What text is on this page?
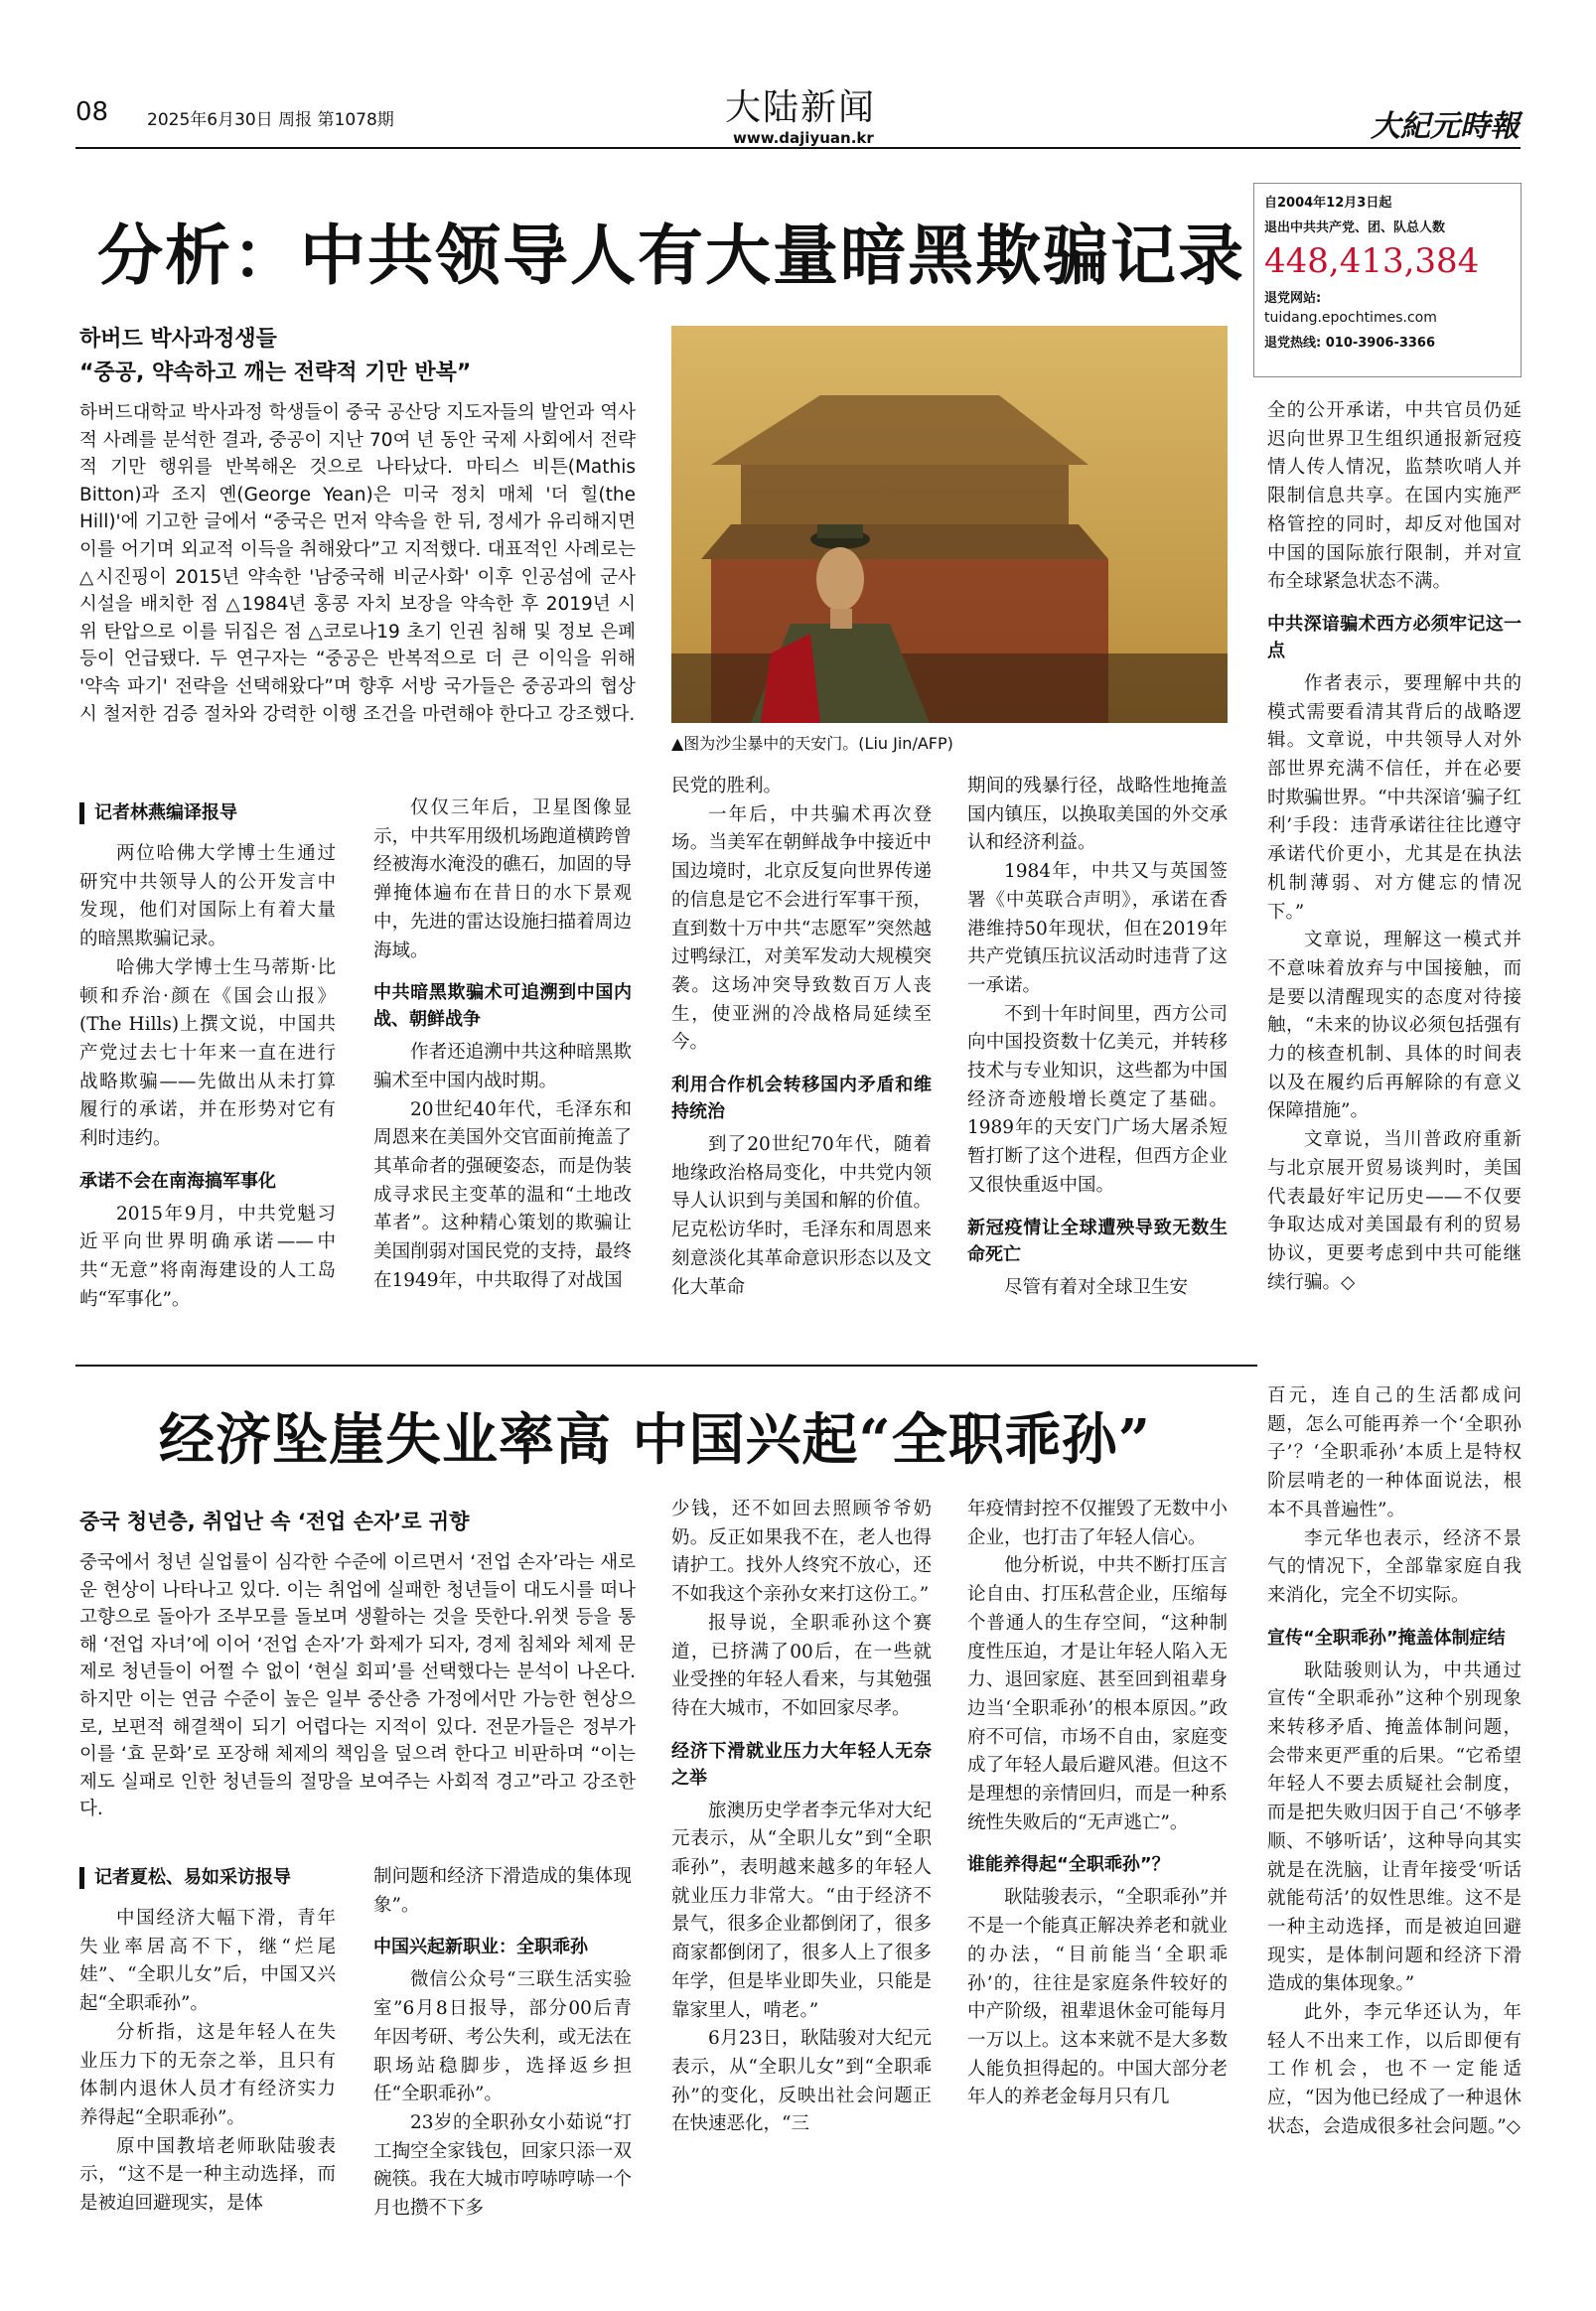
08 2025年6月30日 周报 第1078期	大陆新闻
www.dajiyuan.kr	大紀元時報
分析：中共领导人有大量暗黑欺骗记录
自2004年12月3日起
退出中共共产党、团、队总人数
448,413,384
退党网站:
tuidang.epochtimes.com
退党热线: 010-3906-3366
하버드 박사과정생들
“중공, 약속하고 깨는 전략적 기만 반복”
하버드대학교 박사과정 학생들이 중국 공산당 지도자들의 발언과 역사적 사례를 분석한 결과, 중공이 지난 70여 년 동안 국제 사회에서 전략적 기만 행위를 반복해온 것으로 나타났다. 마티스 비튼(Mathis Bitton)과 조지 옌(George Yean)은 미국 정치 매체 '더 힐(the Hill)'에 기고한 글에서 “중국은 먼저 약속을 한 뒤, 정세가 유리해지면 이를 어기며 외교적 이득을 취해왔다”고 지적했다. 대표적인 사례로는 △시진핑이 2015년 약속한 '남중국해 비군사화' 이후 인공섬에 군사 시설을 배치한 점 △1984년 홍콩 자치 보장을 약속한 후 2019년 시위 탄압으로 이를 뒤집은 점 △코로나19 초기 인권 침해 및 정보 은폐 등이 언급됐다. 두 연구자는 “중공은 반복적으로 더 큰 이익을 위해 '약속 파기' 전략을 선택해왔다”며 향후 서방 국가들은 중공과의 협상 시 철저한 검증 절차와 강력한 이행 조건을 마련해야 한다고 강조했다.
▲图为沙尘暴中的天安门。(Liu Jin/AFP)
记者林燕编译报导

两位哈佛大学博士生通过研究中共领导人的公开发言中发现，他们对国际上有着大量的暗黑欺骗记录。

哈佛大学博士生马蒂斯·比顿和乔治·颜在《国会山报》(The Hills)上撰文说，中国共产党过去七十年来一直在进行战略欺骗——先做出从未打算履行的承诺，并在形势对它有利时违约。

承诺不会在南海搞军事化

2015年9月，中共党魁习近平向世界明确承诺——中共“无意”将南海建设的人工岛屿“军事化”。

仅仅三年后，卫星图像显示，中共军用级机场跑道横跨曾经被海水淹没的礁石，加固的导弹掩体遍布在昔日的水下景观中，先进的雷达设施扫描着周边海域。

中共暗黑欺骗术可追溯到中国内战、朝鲜战争

作者还追溯中共这种暗黑欺骗术至中国内战时期。

20世纪40年代，毛泽东和周恩来在美国外交官面前掩盖了其革命者的强硬姿态，而是伪装成寻求民主变革的温和“土地改革者”。这种精心策划的欺骗让美国削弱对国民党的支持，最终在1949年，中共取得了对战国

民党的胜利。

一年后，中共骗术再次登场。当美军在朝鲜战争中接近中国边境时，北京反复向世界传递的信息是它不会进行军事干预，直到数十万中共“志愿军”突然越过鸭绿江，对美军发动大规模突袭。这场冲突导致数百万人丧生，使亚洲的冷战格局延续至今。

利用合作机会转移国内矛盾和维持统治

到了20世纪70年代，随着地缘政治格局变化，中共党内领导人认识到与美国和解的价值。尼克松访华时，毛泽东和周恩来刻意淡化其革命意识形态以及文化大革命

期间的残暴行径，战略性地掩盖国内镇压，以换取美国的外交承认和经济利益。

1984年，中共又与英国签署《中英联合声明》，承诺在香港维持50年现状，但在2019年共产党镇压抗议活动时违背了这一承诺。

不到十年时间里，西方公司向中国投资数十亿美元，并转移技术与专业知识，这些都为中国经济奇迹般增长奠定了基础。1989年的天安门广场大屠杀短暂打断了这个进程，但西方企业又很快重返中国。

新冠疫情让全球遭殃导致无数生命死亡

尽管有着对全球卫生安

全的公开承诺，中共官员仍延迟向世界卫生组织通报新冠疫情人传人情况，监禁吹哨人并限制信息共享。在国内实施严格管控的同时，却反对他国对中国的国际旅行限制，并对宣布全球紧急状态不满。

中共深谙骗术西方必须牢记这一点

作者表示，要理解中共的模式需要看清其背后的战略逻辑。文章说，中共领导人对外部世界充满不信任，并在必要时欺骗世界。“中共深谙‘骗子红利’手段：违背承诺往往比遵守承诺代价更小，尤其是在执法机制薄弱、对方健忘的情况下。”

文章说，理解这一模式并不意味着放弃与中国接触，而是要以清醒现实的态度对待接触，“未来的协议必须包括强有力的核查机制、具体的时间表以及在履约后再解除的有意义保障措施”。

文章说，当川普政府重新与北京展开贸易谈判时，美国代表最好牢记历史——不仅要争取达成对美国最有利的贸易协议，更要考虑到中共可能继续行骗。◇

经济坠崖失业率高 中国兴起“全职乖孙”
중국 청년층, 취업난 속 ‘전업 손자’로 귀향
중국에서 청년 실업률이 심각한 수준에 이르면서 ‘전업 손자’라는 새로운 현상이 나타나고 있다. 이는 취업에 실패한 청년들이 대도시를 떠나 고향으로 돌아가 조부모를 돌보며 생활하는 것을 뜻한다.위챗 등을 통해 ‘전업 자녀’에 이어 ‘전업 손자’가 화제가 되자, 경제 침체와 체제 문제로 청년들이 어쩔 수 없이 ‘현실 회피’를 선택했다는 분석이 나온다. 하지만 이는 연금 수준이 높은 일부 중산층 가정에서만 가능한 현상으로, 보편적 해결책이 되기 어렵다는 지적이 있다. 전문가들은 정부가 이를 ‘효 문화’로 포장해 체제의 책임을 덮으려 한다고 비판하며 “이는 제도 실패로 인한 청년들의 절망을 보여주는 사회적 경고”라고 강조한다.
记者夏松、易如采访报导

中国经济大幅下滑，青年失业率居高不下，继“烂尾娃”、“全职儿女”后，中国又兴起“全职乖孙”。

分析指，这是年轻人在失业压力下的无奈之举，且只有体制内退休人员才有经济实力养得起“全职乖孙”。

原中国教培老师耿陆骏表示，“这不是一种主动选择，而是被迫回避现实，是体

制问题和经济下滑造成的集体现象”。

中国兴起新职业：全职乖孙

微信公众号“三联生活实验室”6月8日报导，部分00后青年因考研、考公失利，或无法在职场站稳脚步，选择返乡担任“全职乖孙”。

23岁的全职孙女小茹说“打工掏空全家钱包，回家只添一双碗筷。我在大城市哼哧哼哧一个月也攒不下多

少钱，还不如回去照顾爷爷奶奶。反正如果我不在，老人也得请护工。找外人终究不放心，还不如我这个亲孙女来打这份工。”

报导说，全职乖孙这个赛道，已挤满了00后，在一些就业受挫的年轻人看来，与其勉强待在大城市，不如回家尽孝。

经济下滑就业压力大年轻人无奈之举

旅澳历史学者李元华对大纪元表示，从“全职儿女”到“全职乖孙”，表明越来越多的年轻人就业压力非常大。“由于经济不景气，很多企业都倒闭了，很多商家都倒闭了，很多人上了很多年学，但是毕业即失业，只能是靠家里人，啃老。”

6月23日，耿陆骏对大纪元表示，从“全职儿女”到“全职乖孙”的变化，反映出社会问题正在快速恶化，“三

年疫情封控不仅摧毁了无数中小企业，也打击了年轻人信心。

他分析说，中共不断打压言论自由、打压私营企业，压缩每个普通人的生存空间，“这种制度性压迫，才是让年轻人陷入无力、退回家庭、甚至回到祖辈身边当‘全职乖孙’的根本原因。”政府不可信，市场不自由，家庭变成了年轻人最后避风港。但这不是理想的亲情回归，而是一种系统性失败后的“无声逃亡”。

谁能养得起“全职乖孙”？

耿陆骏表示，“全职乖孙”并不是一个能真正解决养老和就业的办法，“目前能当‘全职乖孙’的，往往是家庭条件较好的中产阶级，祖辈退休金可能每月一万以上。这本来就不是大多数人能负担得起的。中国大部分老年人的养老金每月只有几

百元，连自己的生活都成问题，怎么可能再养一个‘全职孙子’？‘全职乖孙’本质上是特权阶层啃老的一种体面说法，根本不具普遍性”。

李元华也表示，经济不景气的情况下，全部靠家庭自我来消化，完全不切实际。

宣传“全职乖孙”掩盖体制症结

耿陆骏则认为，中共通过宣传“全职乖孙”这种个别现象来转移矛盾、掩盖体制问题，会带来更严重的后果。“它希望年轻人不要去质疑社会制度，而是把失败归因于自己‘不够孝顺、不够听话’，这种导向其实就是在洗脑，让青年接受‘听话就能苟活’的奴性思维。这不是一种主动选择，而是被迫回避现实，是体制问题和经济下滑造成的集体现象。”

此外，李元华还认为，年轻人不出来工作，以后即便有工作机会，也不一定能适应，“因为他已经成了一种退休状态，会造成很多社会问题。”◇
